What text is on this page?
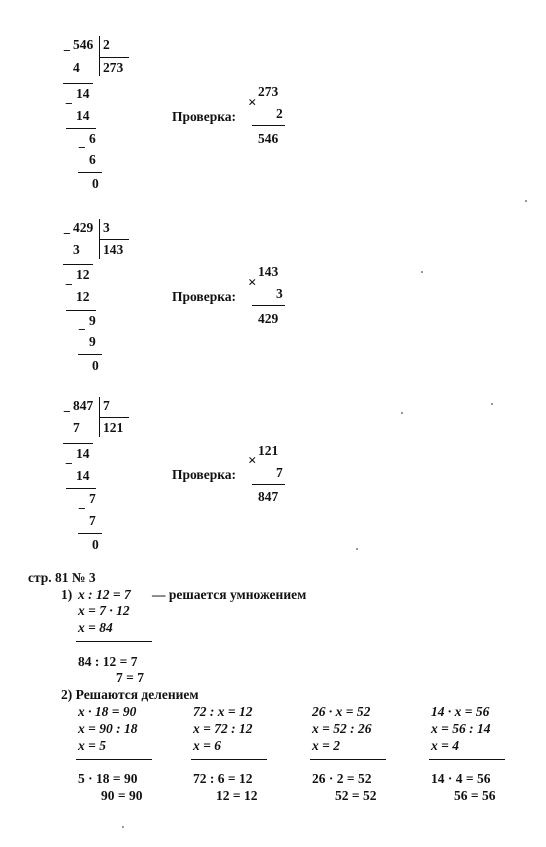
− 546 2
273
4
14
−
14
6
−
6
0
Проверка:
×
273
2
546
− 429 3
143
3
12
−
12
9
−
9
0
Проверка:
×
143
3
429
− 847 7
121
7
14
−
14
7
−
7
0
Проверка:
×
121
7
847
стр. 81 № 3
1) x : 12 = 7 — решается умножением
x = 7 · 12
x = 84
84 : 12 = 7
7 = 7
2) Решаются делением
x · 18 = 90
x = 90 : 18
x = 5
5 · 18 = 90
90 = 90
72 : x = 12
x = 72 : 12
x = 6
72 : 6 = 12
12 = 12
26 · x = 52
x = 52 : 26
x = 2
26 · 2 = 52
52 = 52
14 · x = 56
x = 56 : 14
x = 4
14 · 4 = 56
56 = 56
